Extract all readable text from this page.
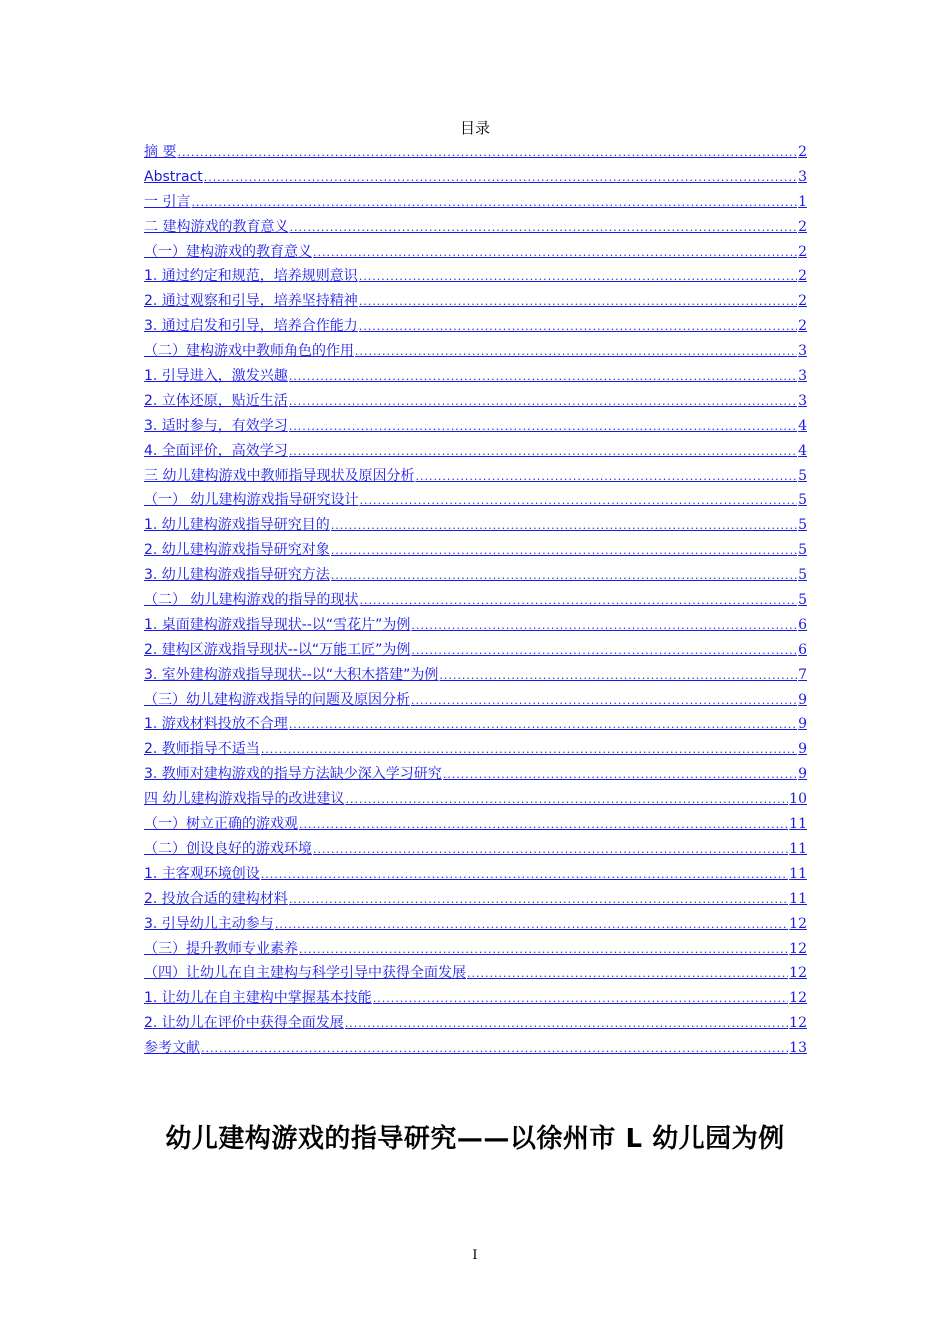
目录
摘 要 .....	2
Abstract .....	3
一 引言 .....	1
二 建构游戏的教育意义 .....	2
（一）建构游戏的教育意义 .....	2
1. 通过约定和规范，培养规则意识 .....	2
2. 通过观察和引导，培养坚持精神 .....	2
3. 通过启发和引导，培养合作能力 .....	2
（二）建构游戏中教师角色的作用 .....	3
1. 引导进入，激发兴趣 .....	3
2. 立体还原，贴近生活 .....	3
3. 适时参与，有效学习 .....	4
4. 全面评价，高效学习 .....	4
三 幼儿建构游戏中教师指导现状及原因分析 .....	5
（一） 幼儿建构游戏指导研究设计 .....	5
1. 幼儿建构游戏指导研究目的 .....	5
2. 幼儿建构游戏指导研究对象 .....	5
3. 幼儿建构游戏指导研究方法 .....	5
（二） 幼儿建构游戏的指导的现状 .....	5
1. 桌面建构游戏指导现状--以“雪花片”为例 .....	6
2. 建构区游戏指导现状--以“万能工匠”为例 .....	6
3. 室外建构游戏指导现状--以“大积木搭建”为例 .....	7
（三）幼儿建构游戏指导的问题及原因分析 .....	9
1. 游戏材料投放不合理 .....	9
2. 教师指导不适当 .....	9
3. 教师对建构游戏的指导方法缺少深入学习研究 .....	9
四 幼儿建构游戏指导的改进建议 .....	10
（一）树立正确的游戏观 .....	11
（二）创设良好的游戏环境 .....	11
1. 主客观环境创设 .....	11
2. 投放合适的建构材料 .....	11
3. 引导幼儿主动参与 .....	12
（三）提升教师专业素养 .....	12
（四）让幼儿在自主建构与科学引导中获得全面发展 .....	12
1. 让幼儿在自主建构中掌握基本技能 .....	12
2. 让幼儿在评价中获得全面发展 .....	12
参考文献 .....	13
幼儿建构游戏的指导研究——以徐州市 L 幼儿园为例
I
